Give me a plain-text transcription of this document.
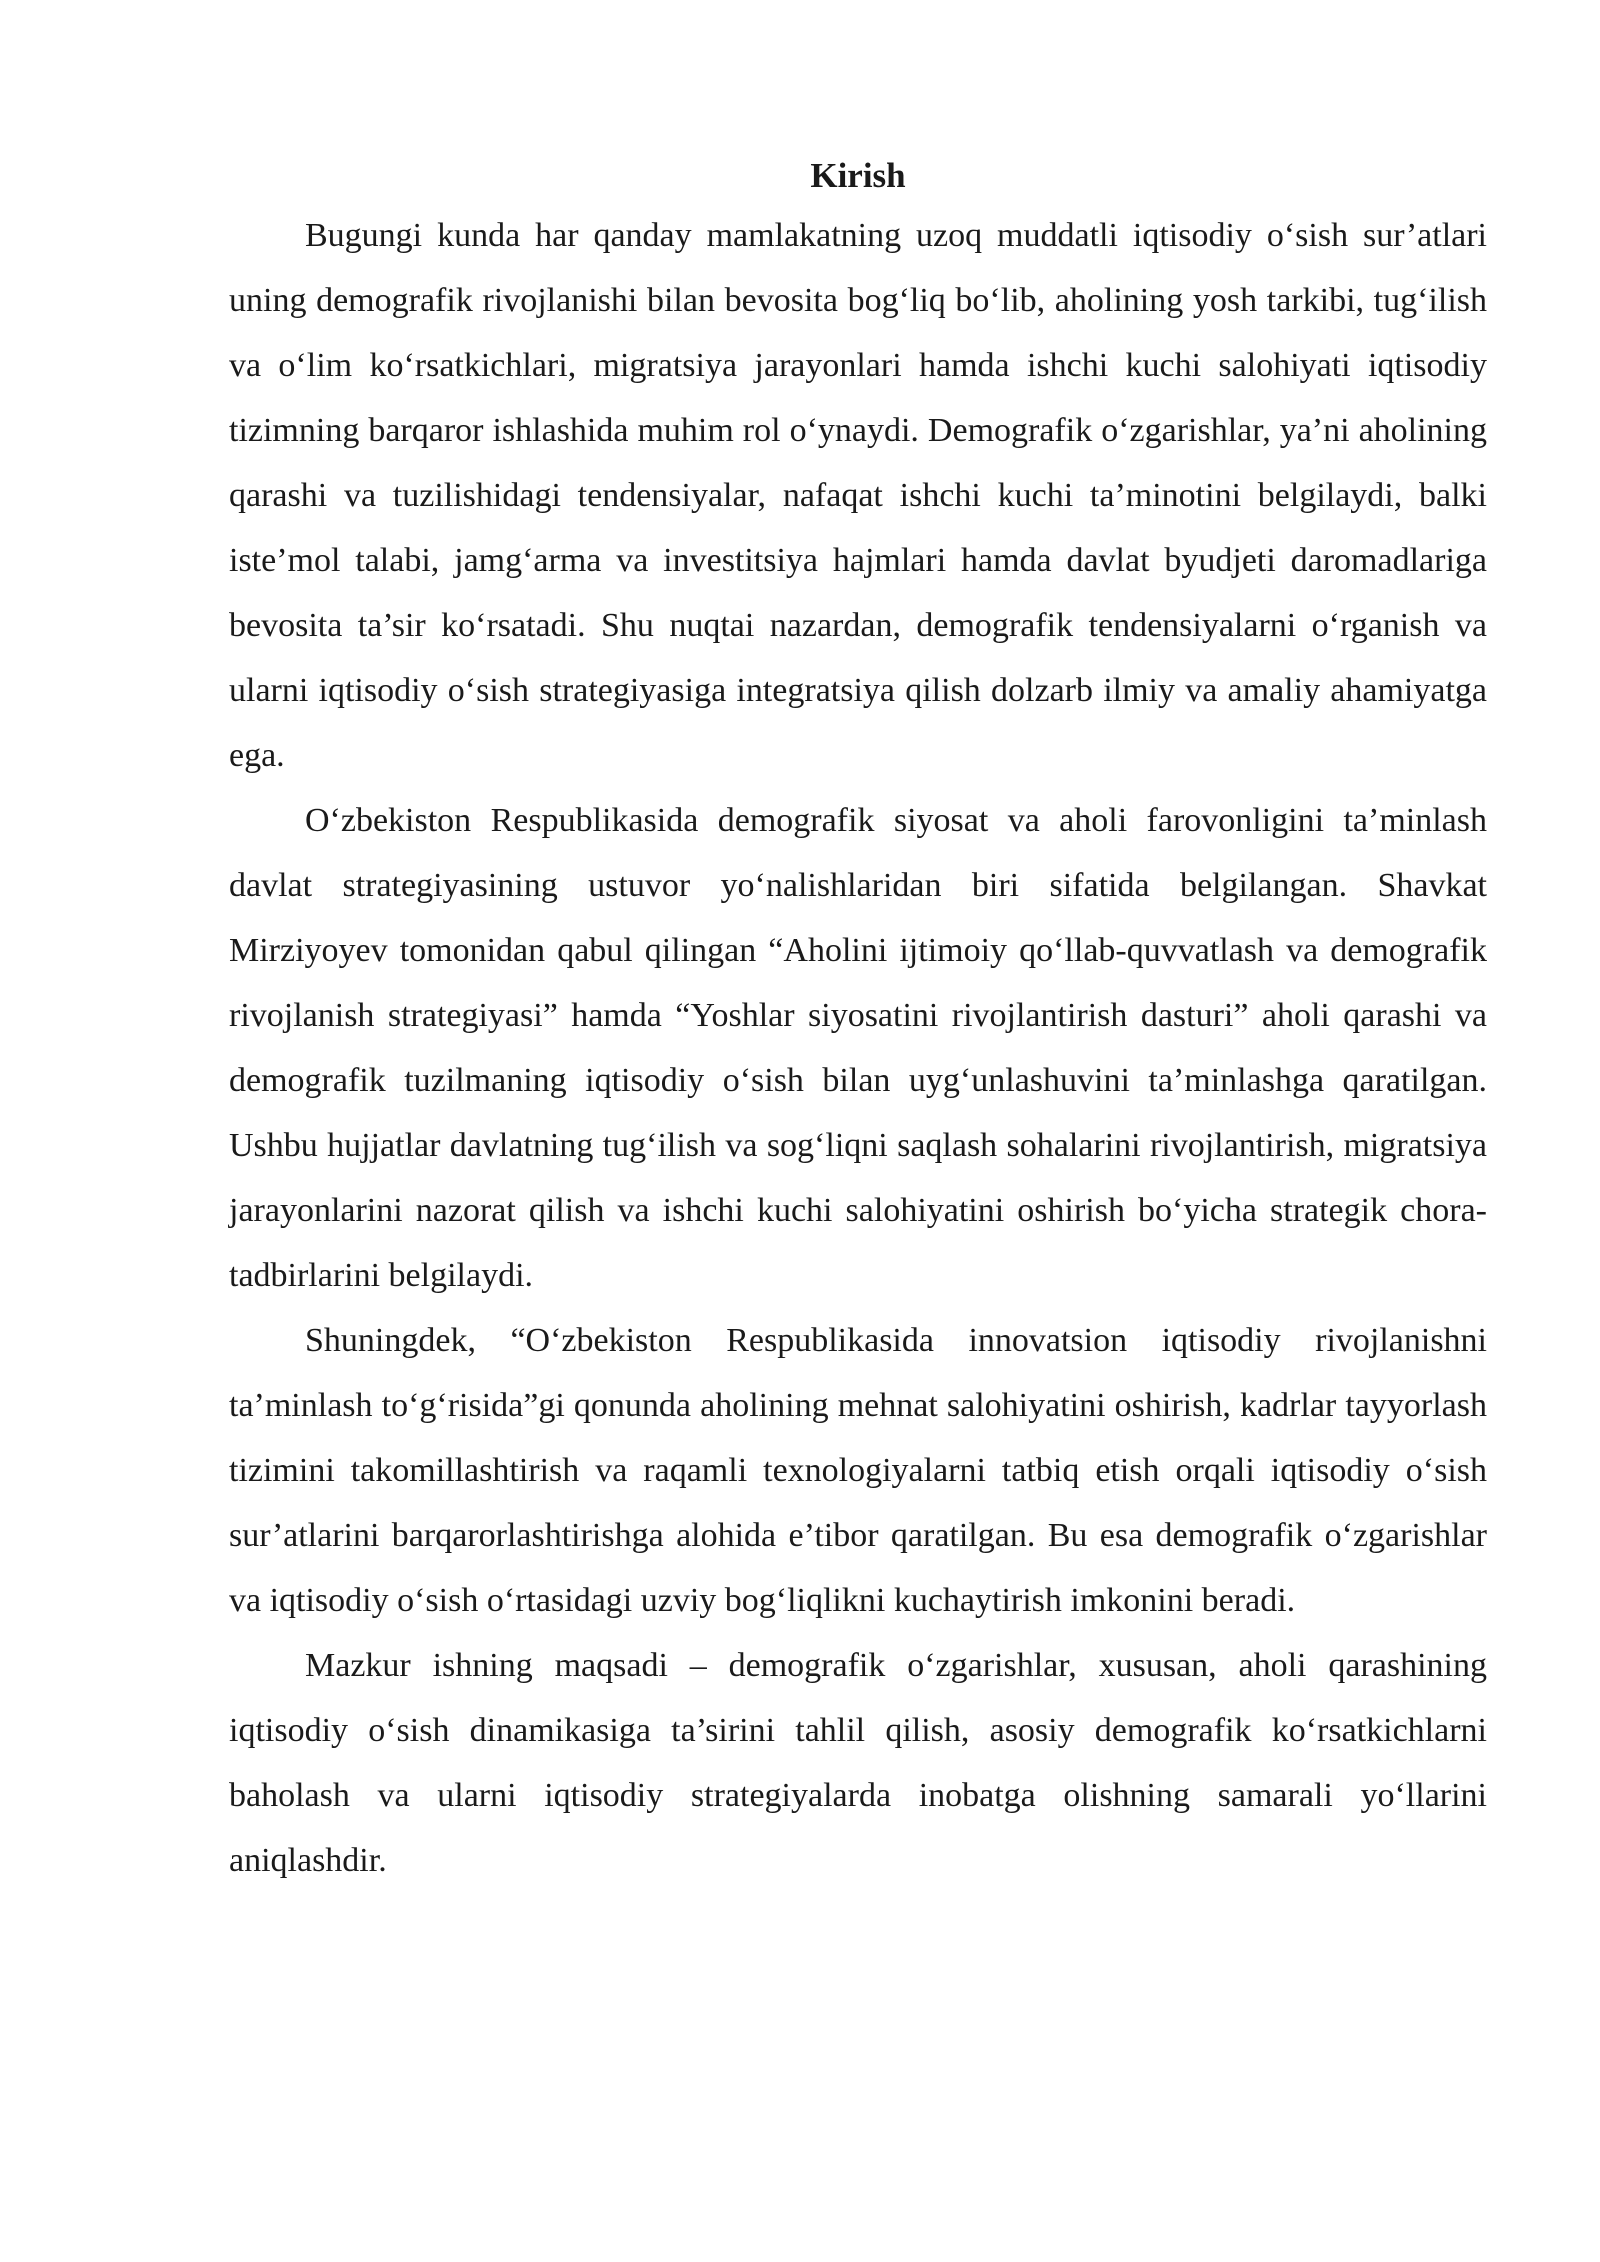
Kirish

Bugungi kunda har qanday mamlakatning uzoq muddatli iqtisodiy o‘sish sur’atlari uning demografik rivojlanishi bilan bevosita bog‘liq bo‘lib, aholining yosh tarkibi, tug‘ilish va o‘lim ko‘rsatkichlari, migratsiya jarayonlari hamda ishchi kuchi salohiyati iqtisodiy tizimning barqaror ishlashida muhim rol o‘ynaydi. Demografik o‘zgarishlar, ya’ni aholining qarashi va tuzilishidagi tendensiyalar, nafaqat ishchi kuchi ta’minotini belgilaydi, balki iste’mol talabi, jamg‘arma va investitsiya hajmlari hamda davlat byudjeti daromadlariga bevosita ta’sir ko‘rsatadi. Shu nuqtai nazardan, demografik tendensiyalarni o‘rganish va ularni iqtisodiy o‘sish strategiyasiga integratsiya qilish dolzarb ilmiy va amaliy ahamiyatga ega.

O‘zbekiston Respublikasida demografik siyosat va aholi farovonligini ta’minlash davlat strategiyasining ustuvor yo‘nalishlaridan biri sifatida belgilangan. Shavkat Mirziyoyev tomonidan qabul qilingan “Aholini ijtimoiy qo‘llab-quvvatlash va demografik rivojlanish strategiyasi” hamda “Yoshlar siyosatini rivojlantirish dasturi” aholi qarashi va demografik tuzilmaning iqtisodiy o‘sish bilan uyg‘unlashuvini ta’minlashga qaratilgan. Ushbu hujjatlar davlatning tug‘ilish va sog‘liqni saqlash sohalarini rivojlantirish, migratsiya jarayonlarini nazorat qilish va ishchi kuchi salohiyatini oshirish bo‘yicha strategik chora-tadbirlarini belgilaydi.

Shuningdek, “O‘zbekiston Respublikasida innovatsion iqtisodiy rivojlanishni ta’minlash to‘g‘risida”gi qonunda aholining mehnat salohiyatini oshirish, kadrlar tayyorlash tizimini takomillashtirish va raqamli texnologiyalarni tatbiq etish orqali iqtisodiy o‘sish sur’atlarini barqarorlashtirishga alohida e’tibor qaratilgan. Bu esa demografik o‘zgarishlar va iqtisodiy o‘sish o‘rtasidagi uzviy bog‘liqlikni kuchaytirish imkonini beradi.

Mazkur ishning maqsadi – demografik o‘zgarishlar, xususan, aholi qarashining iqtisodiy o‘sish dinamikasiga ta’sirini tahlil qilish, asosiy demografik ko‘rsatkichlarni baholash va ularni iqtisodiy strategiyalarda inobatga olishning samarali yo‘llarini aniqlashdir.
